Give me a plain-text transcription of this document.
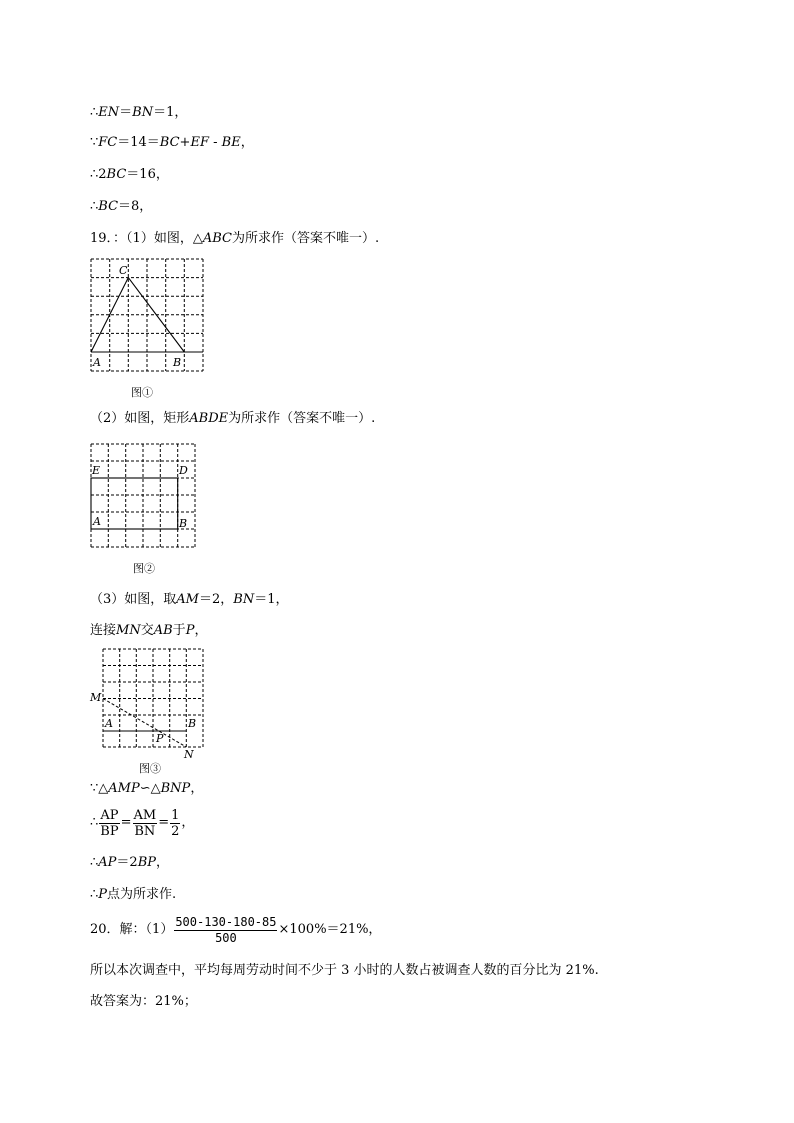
∴EN＝BN＝1，
∵FC＝14＝BC+EF - BE，
∴2BC＝16，
∴BC＝8，
19．：（1）如图，△ABC为所求作（答案不唯一）.
C
A	B
图①
（2）如图，矩形ABDE为所求作（答案不唯一）.
E	D
A	B
图②
（3）如图，取AM＝2，BN＝1，
连接MN交AB于P，
M
A	B
P
N
图③
∵△AMP∽△BNP，
∴ $\frac{AP}{BP} = \frac{AM}{BN} = \frac{1}{2}$ ，
∴AP＝2BP，
∴P点为所求作.
20．解：$(1) \frac{500-130-180-85}{500} \times 100\%=21\%$，
所以本次调查中，平均每周劳动时间不少于 3 小时的人数占被调查人数的百分比为 21%.
故答案为：21%；
